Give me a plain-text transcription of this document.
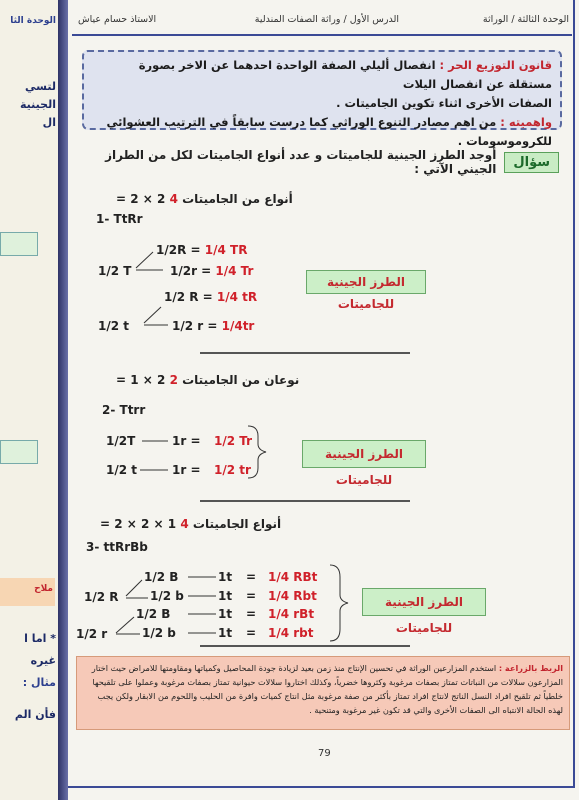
الوحدة الثا
لتسي
الجينية
ال
ملاح
* اما ا
غيره
مثال :
فأن الم
الوحدة الثالثة / الوراثة
الدرس الأول / وراثة الصفات المندلية
الاستاذ حسام عياش

قانون التوزيع الحر : انفصال أليلي الصفة الواحدة احدهما عن الاخر بصورة مستقلة عن انفصال اليلات

الصفات الأخرى اثناء تكوين الجاميتات .

واهميته : من اهم مصادر التنوع الوراثي كما درست سابقاً في الترتيب العشوائي للكروموسومات .

سؤال
أوجد الطرز الجينية للجاميتات و عدد أنواع الجاميتات لكل من الطراز الجيني الآتي :
أنواع من الجاميتات 4 2 × 2 =
1- TtRr
1/2R = 1/4 TR
1/2 T	1/2r = 1/4 Tr
1/2 R = 1/4 tR
1/2 t	1/2 r = 1/4tr
الطرز الجينية للجاميتات
نوعان من الجاميتات 2 2 × 1 =
2- Ttrr
1/2T	1r = 1/2 Tr
1/2 t	1r = 1/2 tr
الطرز الجينية للجاميتات
أنواع الجاميتات 4 1 × 2 × 2 =
3- ttRrBb
1/2 R
1/2 r
1/2 B	1t = 1/4 RBt
1/2 b	1t = 1/4 Rbt
1/2 B	1t = 1/4 rBt
1/2 b	1t = 1/4 rbt
الطرز الجينية للجاميتات
الربط بالزراعة : استخدم المزارعين الوراثة في تحسين الإنتاج منذ زمن بعيد لزيادة جودة المحاصيل وكمياتها ومقاومتها للامراض حيث اختار المزارعون سلالات من النباتات تمتاز بصفات مرغوبة وكثروها خضرياً، وكذلك اختاروا سلالات حيوانية تمتاز بصفات مرغوبة وعملوا على تلقيحها خلطياً ثم تلقيح افراد النسل الناتج لانتاج افراد تمتاز بأكثر من صفة مرغوبة مثل انتاج كميات وافرة من الحليب واللحوم من الابقار ولكن يجب لهذه الحالة الانتباه الى الصفات الأخرى والتي قد تكون غير مرغوبة ومتنحية .
79
